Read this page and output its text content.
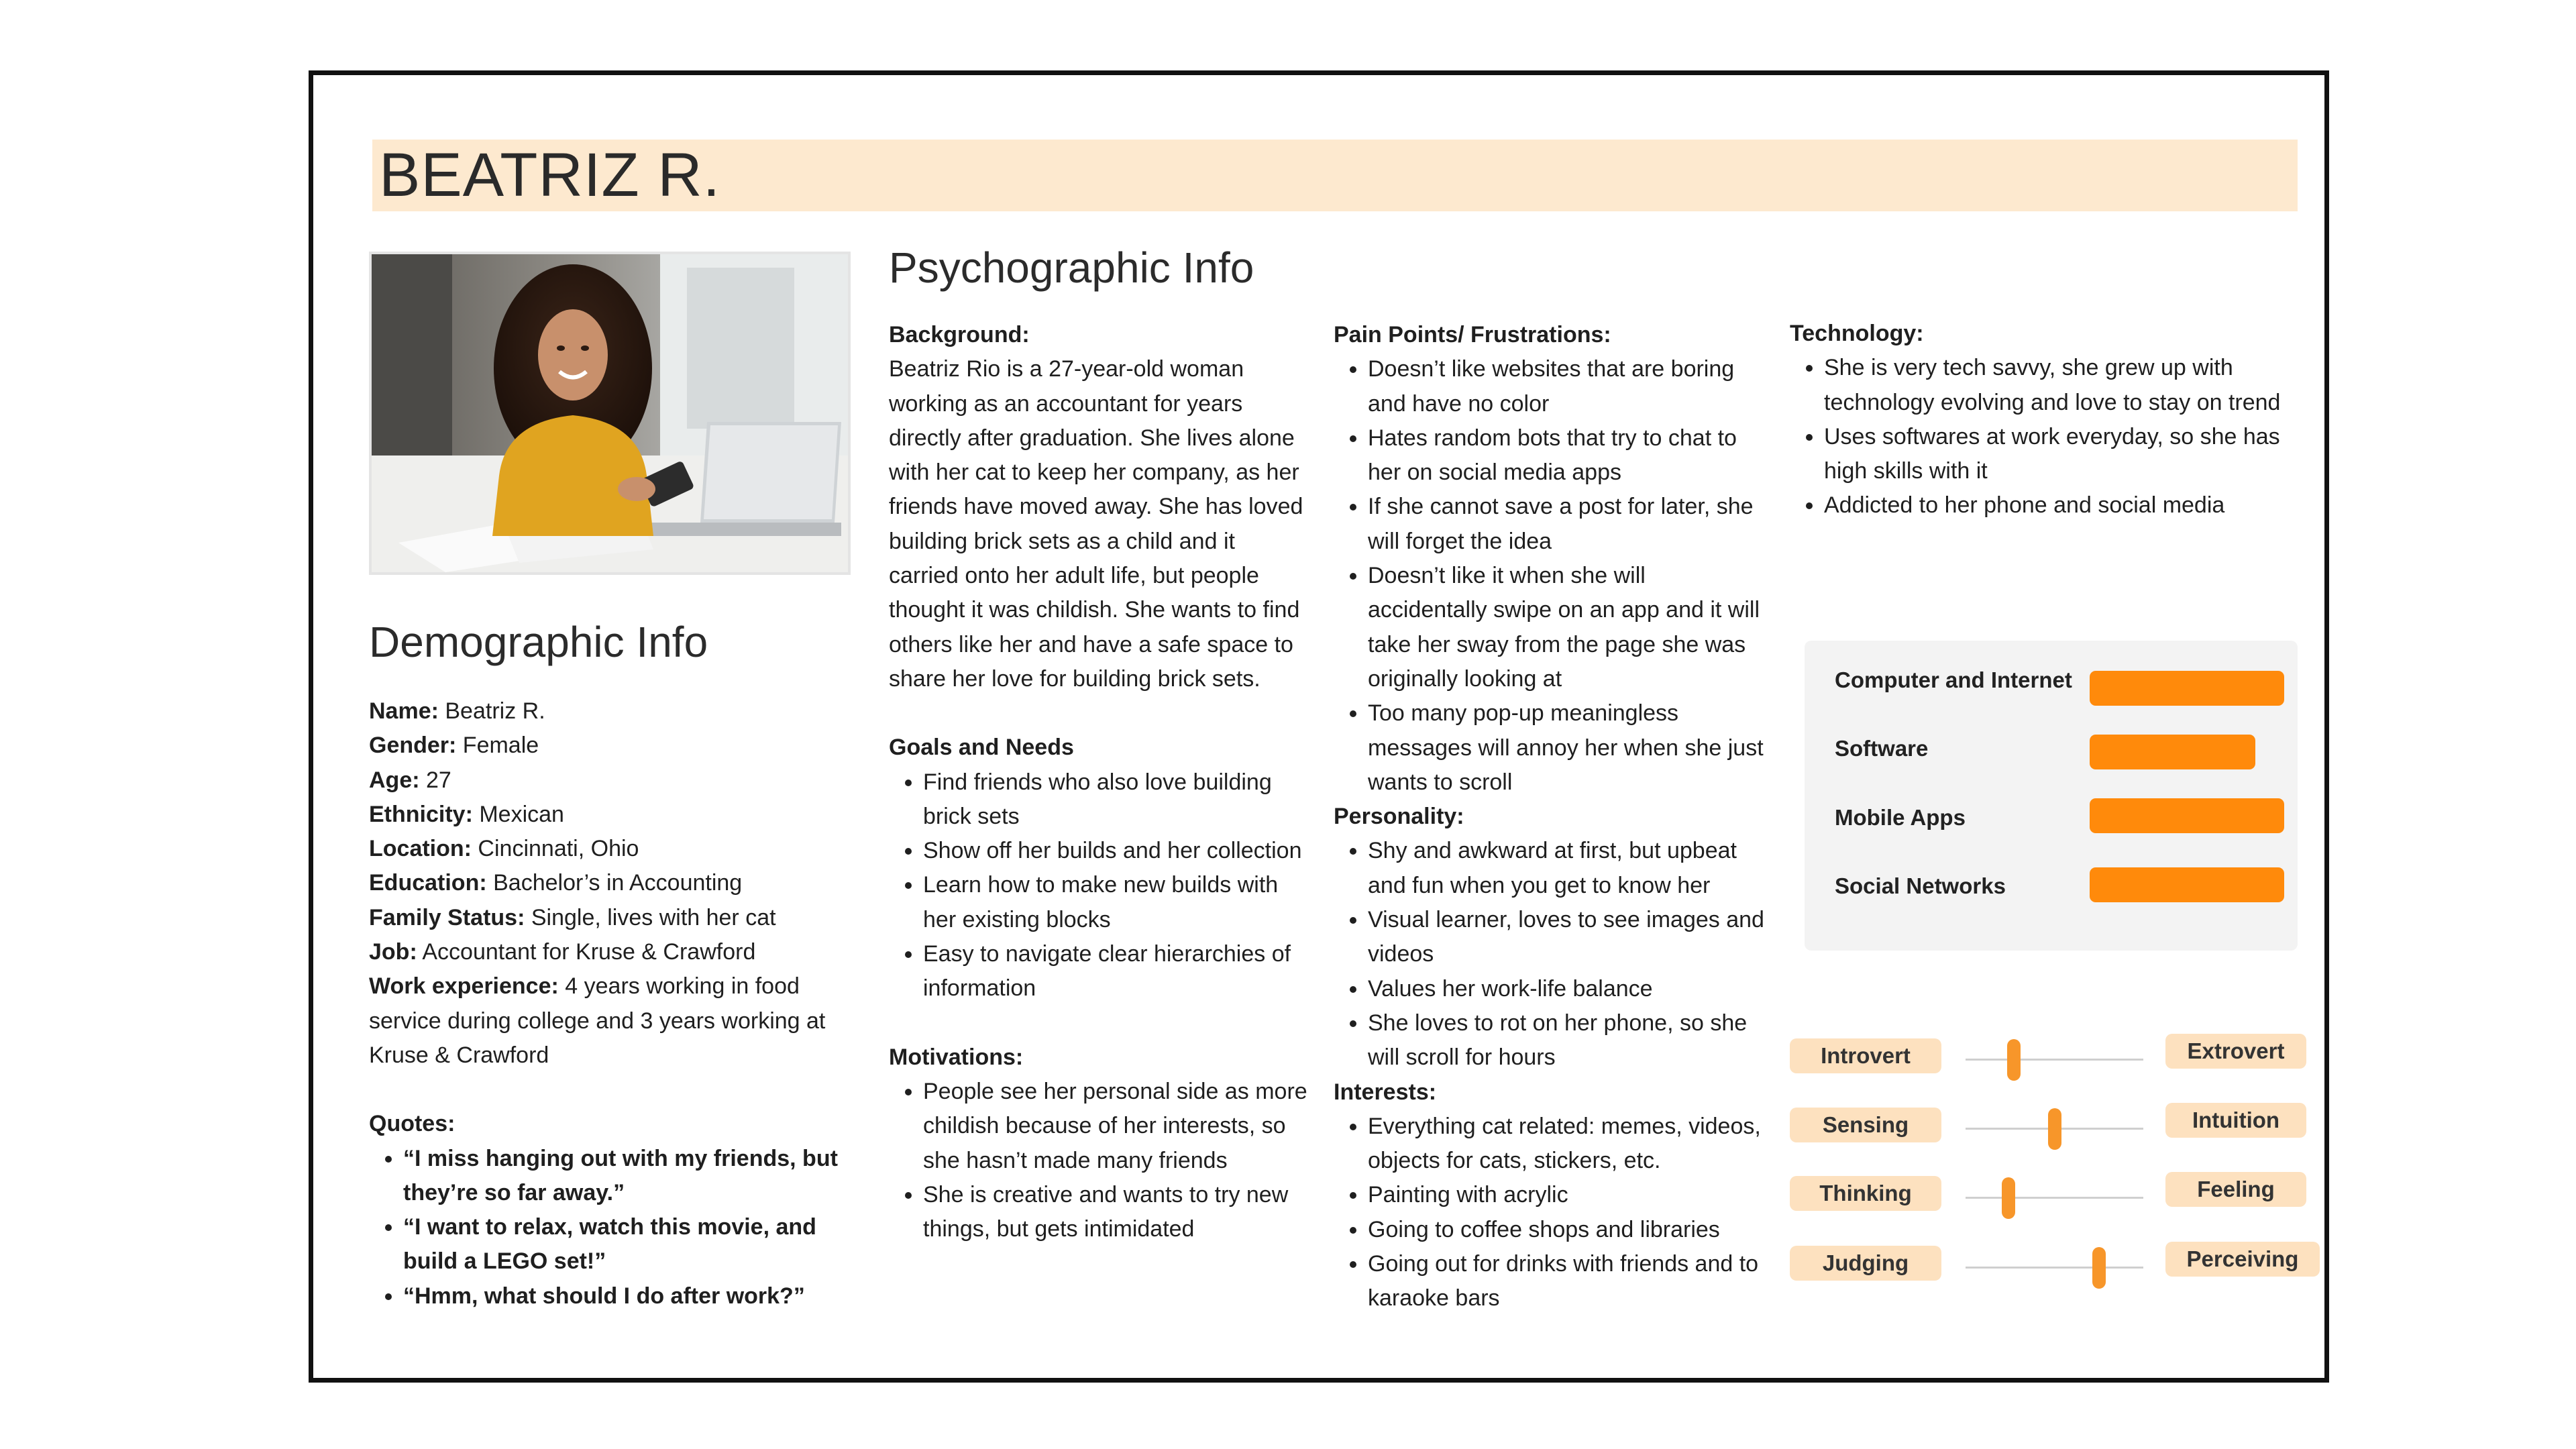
BEATRIZ R.
Demographic Info

Name: Beatriz R.

Gender: Female

Age: 27

Ethnicity: Mexican

Location: Cincinnati, Ohio

Education: Bachelor’s in Accounting

Family Status: Single, lives with her cat

Job: Accountant for Kruse & Crawford

Work experience: 4 years working in food service during college and 3 years working at Kruse & Crawford

Quotes:

• “I miss hanging out with my friends, but they’re so far away.”
• “I want to relax, watch this movie, and build a LEGO set!”
• “Hmm, what should I do after work?”
Psychographic Info

Background:

Beatriz Rio is a 27-year-old woman working as an accountant for years directly after graduation. She lives alone with her cat to keep her company, as her friends have moved away. She has loved building brick sets as a child and it carried onto her adult life, but people thought it was childish. She wants to find others like her and have a safe space to share her love for building brick sets.

Goals and Needs

• Find friends who also love building brick sets
• Show off her builds and her collection
• Learn how to make new builds with her existing blocks
• Easy to navigate clear hierarchies of information

Motivations:

• People see her personal side as more childish because of her interests, so she hasn’t made many friends
• She is creative and wants to try new things, but gets intimidated

Pain Points/ Frustrations:

• Doesn’t like websites that are boring and have no color
• Hates random bots that try to chat to her on social media apps
• If she cannot save a post for later, she will forget the idea
• Doesn’t like it when she will accidentally swipe on an app and it will take her sway from the page she was originally looking at
• Too many pop-up meaningless messages will annoy her when she just wants to scroll

Personality:

• Shy and awkward at first, but upbeat and fun when you get to know her
• Visual learner, loves to see images and videos
• Values her work-life balance
• She loves to rot on her phone, so she will scroll for hours

Interests:

• Everything cat related: memes, videos, objects for cats, stickers, etc.
• Painting with acrylic
• Going to coffee shops and libraries
• Going out for drinks with friends and to karaoke bars

Technology:

• She is very tech savvy, she grew up with technology evolving and love to stay on trend
• Uses softwares at work everyday, so she has high skills with it
• Addicted to her phone and social media
Computer and Internet
Software
Mobile Apps
Social Networks
Introvert
Sensing
Thinking
Judging
Extrovert
Intuition
Feeling
Perceiving
